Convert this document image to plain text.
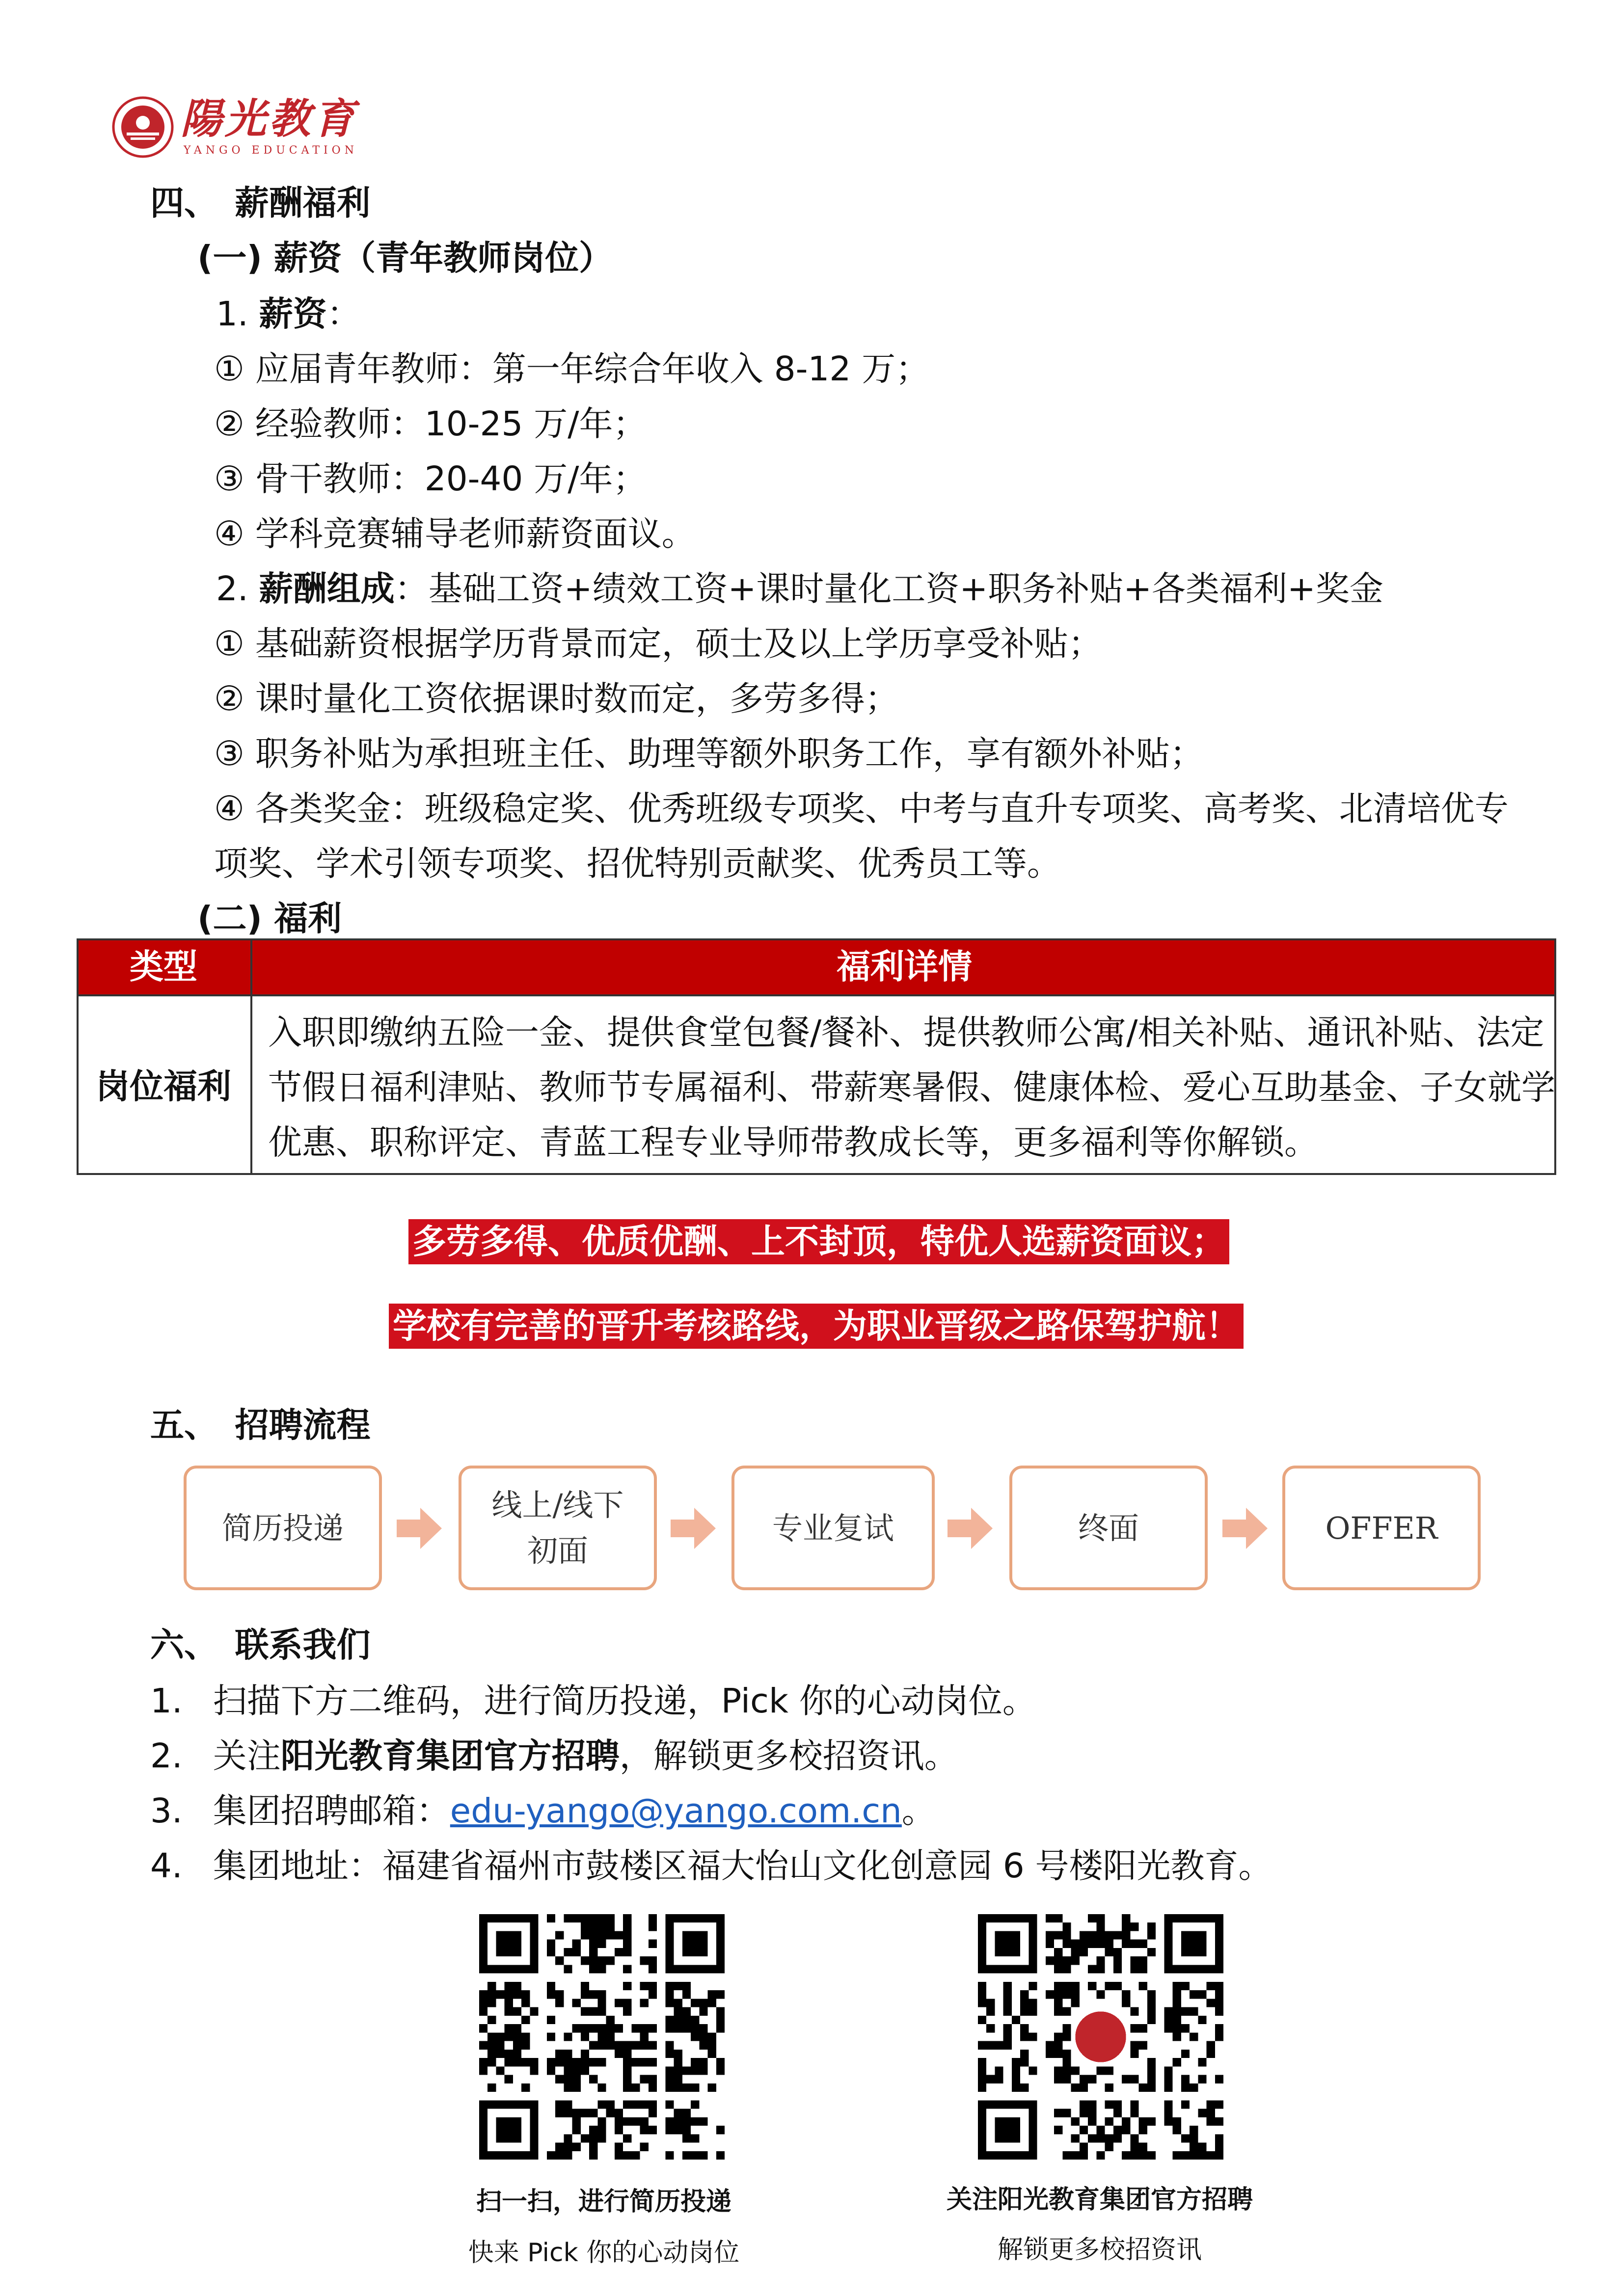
陽光教育
YANGO EDUCATION
四、　薪酬福利
(一) 薪资（青年教师岗位）
1. 薪资：
① 应届青年教师：第一年综合年收入 8-12 万；
② 经验教师：10-25 万/年；
③ 骨干教师：20-40 万/年；
④ 学科竞赛辅导老师薪资面议。
2. 薪酬组成：基础工资+绩效工资+课时量化工资+职务补贴+各类福利+奖金
① 基础薪资根据学历背景而定，硕士及以上学历享受补贴；
② 课时量化工资依据课时数而定，多劳多得；
③ 职务补贴为承担班主任、助理等额外职务工作，享有额外补贴；
④ 各类奖金：班级稳定奖、优秀班级专项奖、中考与直升专项奖、高考奖、北清培优专
项奖、学术引领专项奖、招优特别贡献奖、优秀员工等。
(二) 福利
类型	福利详情
岗位福利
入职即缴纳五险一金、提供食堂包餐/餐补、提供教师公寓/相关补贴、通讯补贴、法定
节假日福利津贴、教师节专属福利、带薪寒暑假、健康体检、爱心互助基金、子女就学
优惠、职称评定、青蓝工程专业导师带教成长等，更多福利等你解锁。
多劳多得、优质优酬、上不封顶，特优人选薪资面议；
学校有完善的晋升考核路线，为职业晋级之路保驾护航！
五、　招聘流程
简历投递
线上/线下
初面
专业复试	终面	OFFER
六、　联系我们
1. 扫描下方二维码，进行简历投递，Pick 你的心动岗位。
2. 关注阳光教育集团官方招聘，解锁更多校招资讯。
3. 集团招聘邮箱：edu-yango@yango.com.cn。
4. 集团地址：福建省福州市鼓楼区福大怡山文化创意园 6 号楼阳光教育。
扫一扫，进行简历投递
快来 Pick 你的心动岗位
关注阳光教育集团官方招聘
解锁更多校招资讯
